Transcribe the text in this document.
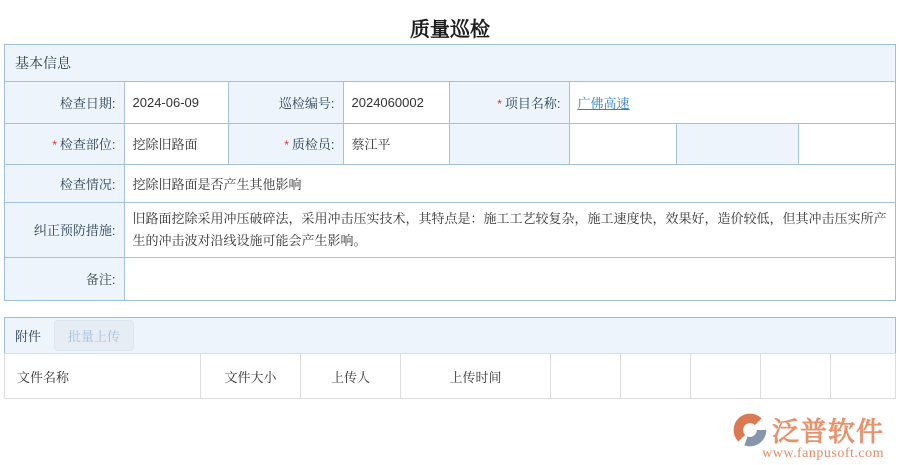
质量巡检
基本信息
检查日期:	2024-06-09	巡检编号:	2024060002	* 项目名称:	广佛高速		
* 检查部位:	挖除旧路面	* 质检员:	蔡江平				
检查情况:	挖除旧路面是否产生其他影响						
纠正预防措施:	旧路面挖除采用冲压破碎法，采用冲击压实技术，其特点是：施工工艺较复杂，施工速度快，效果好，造价较低，但其冲击压实所产生的冲击波对沿线设施可能会产生影响。						
备注:							
附件	批量上传
文件名称	文件大小	上传人	上传时间					
泛普软件
www.fanpusoft.com
